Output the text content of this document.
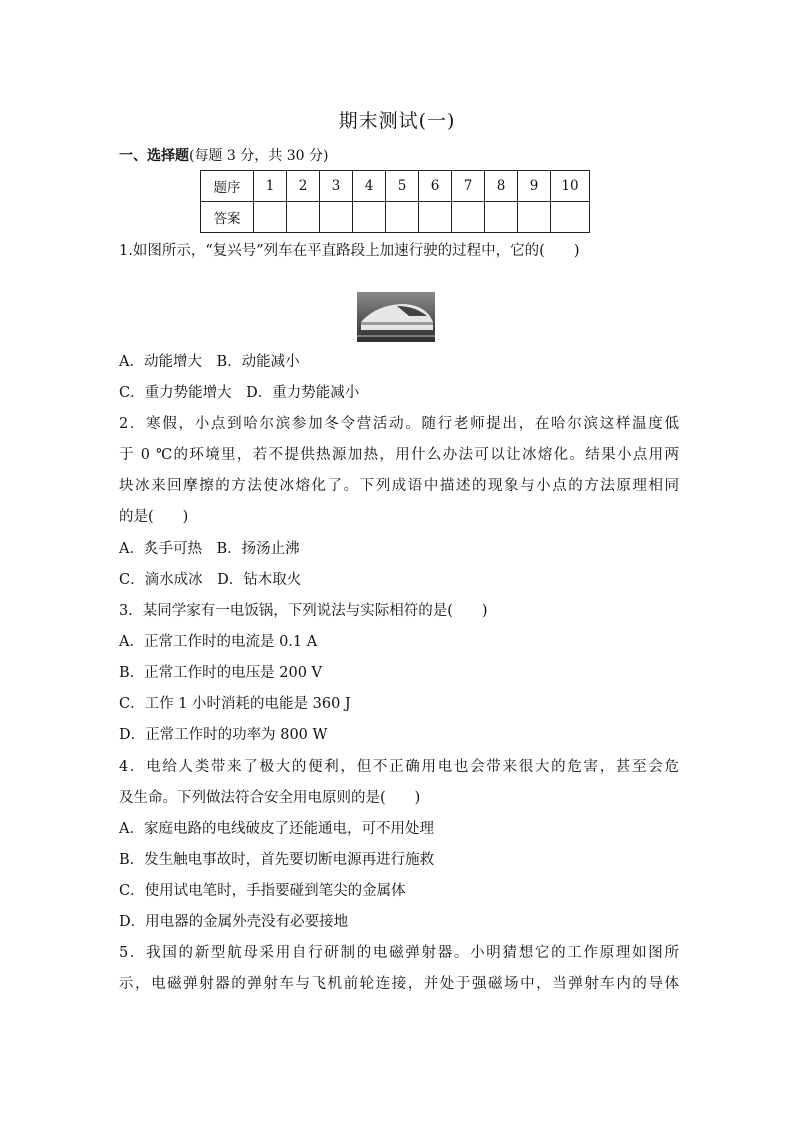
期末测试(一)
一、选择题(每题 3 分，共 30 分)
题序	1	2	3	4	5	6	7	8	9	10
答案										
1.如图所示，“复兴号”列车在平直路段上加速行驶的过程中，它的(　　)
A．动能增大　B．动能减小
C．重力势能增大　D．重力势能减小
2．寒假，小点到哈尔滨参加冬令营活动。随行老师提出，在哈尔滨这样温度低
于 0 ℃的环境里，若不提供热源加热，用什么办法可以让冰熔化。结果小点用两
块冰来回摩擦的方法使冰熔化了。下列成语中描述的现象与小点的方法原理相同
的是(　　)
A．炙手可热　B．扬汤止沸
C．滴水成冰　D．钻木取火
3．某同学家有一电饭锅，下列说法与实际相符的是(　　)
A．正常工作时的电流是 0.1 A
B．正常工作时的电压是 200 V
C．工作 1 小时消耗的电能是 360 J
D．正常工作时的功率为 800 W
4．电给人类带来了极大的便利，但不正确用电也会带来很大的危害，甚至会危
及生命。下列做法符合安全用电原则的是(　　)
A．家庭电路的电线破皮了还能通电，可不用处理
B．发生触电事故时，首先要切断电源再进行施救
C．使用试电笔时，手指要碰到笔尖的金属体
D．用电器的金属外壳没有必要接地
5．我国的新型航母采用自行研制的电磁弹射器。小明猜想它的工作原理如图所
示，电磁弹射器的弹射车与飞机前轮连接，并处于强磁场中，当弹射车内的导体
